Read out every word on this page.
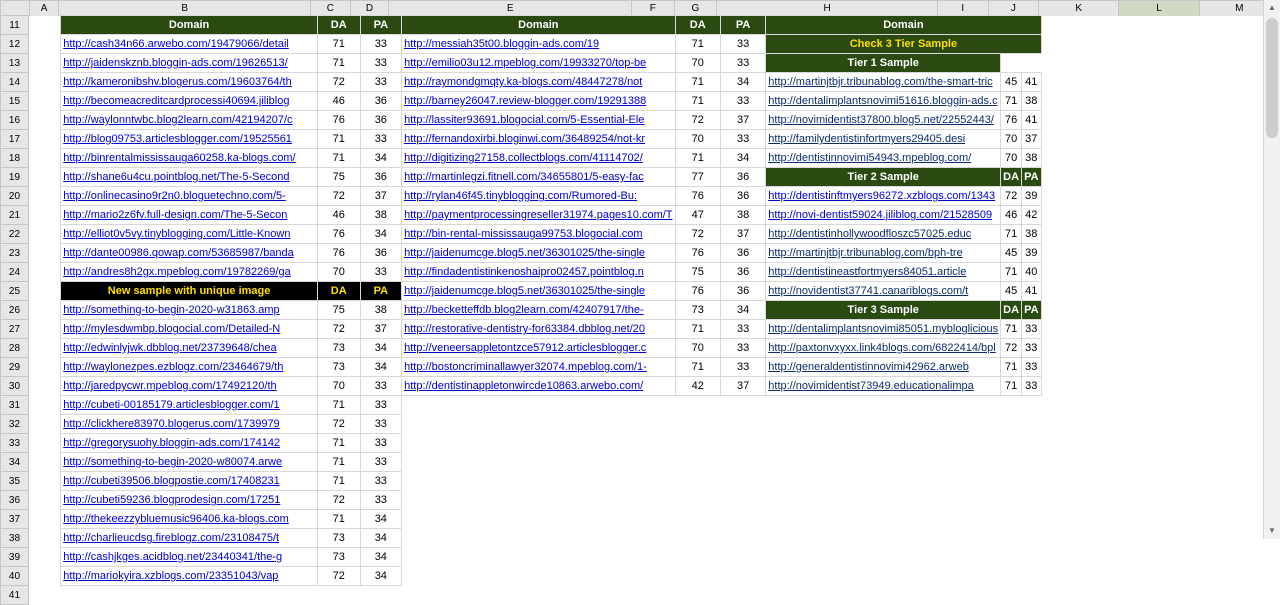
	A	B	C	D	E	F	G	H	I	J	K	L	M
11		Domain	DA	PA	Domain	DA	PA	Domain					
12		http://cash34n66.arwebo.com/19479066/detail	71	33	http://messiah35t00.bloggin-ads.com/19	71	33	Check 3 Tier Sample					
13		http://jaidenskznb.bloggin-ads.com/19626513/	71	33	http://emilio03u12.mpeblog.com/19933270/top-be	70	33	Tier 1 Sample					
14		http://kameronibshv.blogerus.com/19603764/th	72	33	http://raymondgmqty.ka-blogs.com/48447278/not	71	34	http://martinjtbjr.tribunablog.com/the-smart-tric	45	41			
15		http://becomeacreditcardprocessi40694.jiliblog	46	36	http://barney26047.review-blogger.com/19291388	71	33	http://dentalimplantsnovimi51616.bloggin-ads.c	71	38			
16		http://waylonntwbc.blog2learn.com/42194207/c	76	36	http://lassiter93691.blogocial.com/5-Essential-Ele	72	37	http://novimidentist37800.blog5.net/22552443/	76	41			
17		http://blog09753.articlesblogger.com/19525561	71	33	http://fernandoxirbi.bloginwi.com/36489254/not-kr	70	33	http://familydentistinfortmyers29405.desi	70	37			
18		http://binrentalmississauga60258.ka-blogs.com/	71	34	http://digitizing27158.collectblogs.com/41114702/	71	34	http://dentistinnovimi54943.mpeblog.com/	70	38			
19		http://shane6u4cu.pointblog.net/The-5-Second	75	36	http://martinlegzi.fitnell.com/34655801/5-easy-fac	77	36	Tier 2 Sample	DA	PA			
20		http://onlinecasino9r2n0.bloguetechno.com/5-	72	37	http://rylan46f45.tinyblogging.com/Rumored-Bu:	76	36	http://dentistinftmyers96272.xzblogs.com/1343	72	39			
21		http://mario2z6fv.full-design.com/The-5-Secon	46	38	http://paymentprocessingreseller31974.pages10.com/T	47	38	http://novi-dentist59024.jiliblog.com/21528509	46	42			
22		http://elliot0v5vy.tinyblogging.com/Little-Known	76	34	http://bin-rental-mississauga99753.blogocial.com	72	37	http://dentistinhollywoodfloszc57025.educ	71	38			
23		http://dante00986.qowap.com/53685987/banda	76	36	http://jaidenumcge.blog5.net/36301025/the-single	76	36	http://martinjtbjr.tribunablog.com/bph-tre	45	39			
24		http://andres8h2gx.mpeblog.com/19782269/ga	70	33	http://findadentistinkenoshaipro02457.pointblog.n	75	36	http://dentistineastfortmyers84051.article	71	40			
25		New sample with unique image	DA	PA	http://jaidenumcge.blog5.net/36301025/the-single	76	36	http://novidentist37741.canariblogs.com/t	45	41			
26		http://something-to-begin-2020-w31863.amp	75	38	http://becketteffdb.blog2learn.com/42407917/the-	73	34	Tier 3 Sample	DA	PA			
27		http://mylesdwmbp.blogocial.com/Detailed-N	72	37	http://restorative-dentistry-for63384.dbblog.net/20	71	33	http://dentalimplantsnovimi85051.mybloglicious	71	33			
28		http://edwinlyjwk.dbblog.net/23739648/chea	73	34	http://veneersappletontzce57912.articlesblogger.c	70	33	http://paxtonvxyxx.link4blogs.com/6822414/bpl	72	33			
29		http://waylonezpes.ezblogz.com/23464679/th	73	34	http://bostoncriminallawyer32074.mpeblog.com/1-	71	33	http://generaldentistinnovimi42962.arweb	71	33			
30		http://jaredpycwr.mpeblog.com/17492120/th	70	33	http://dentistinappletonwircde10863.arwebo.com/	42	37	http://novimidentist73949.educationalimpa	71	33			
31		http://cubeti-00185179.articlesblogger.com/1	71	33									
32		http://clickhere83970.blogerus.com/1739979	72	33									
33		http://gregorysuohy.bloggin-ads.com/174142	71	33									
34		http://something-to-begin-2020-w80074.arwe	71	33									
35		http://cubeti39506.blogpostie.com/17408231	71	33									
36		http://cubeti59236.blogprodesign.com/17251	72	33									
37		http://thekeezzybluemusic96406.ka-blogs.com	71	34									
38		http://charlieucdsg.fireblogz.com/23108475/t	73	34									
39		http://cashjkges.acidblog.net/23440341/the-g	73	34									
40		http://mariokyira.xzblogs.com/23351043/vap	72	34									
41													
▲
▼
